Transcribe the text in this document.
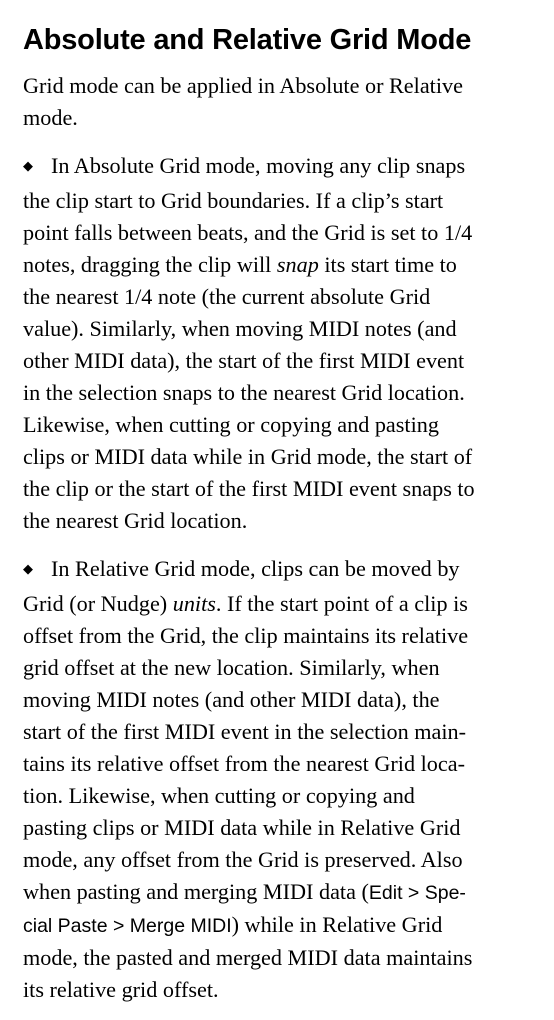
Absolute and Relative Grid Mode

Grid mode can be applied in Absolute or Relative
mode.

◆ In Absolute Grid mode, moving any clip snaps
the clip start to Grid boundaries. If a clip’s start
point falls between beats, and the Grid is set to 1/4
notes, dragging the clip will snap its start time to
the nearest 1/4 note (the current absolute Grid
value). Similarly, when moving MIDI notes (and
other MIDI data), the start of the first MIDI event
in the selection snaps to the nearest Grid location.
Likewise, when cutting or copying and pasting
clips or MIDI data while in Grid mode, the start of
the clip or the start of the first MIDI event snaps to
the nearest Grid location.

◆ In Relative Grid mode, clips can be moved by
Grid (or Nudge) units. If the start point of a clip is
offset from the Grid, the clip maintains its relative
grid offset at the new location. Similarly, when
moving MIDI notes (and other MIDI data), the
start of the first MIDI event in the selection main-
tains its relative offset from the nearest Grid loca-
tion. Likewise, when cutting or copying and
pasting clips or MIDI data while in Relative Grid
mode, any offset from the Grid is preserved. Also
when pasting and merging MIDI data (Edit > Spe-
cial Paste > Merge MIDI) while in Relative Grid
mode, the pasted and merged MIDI data maintains
its relative grid offset.
